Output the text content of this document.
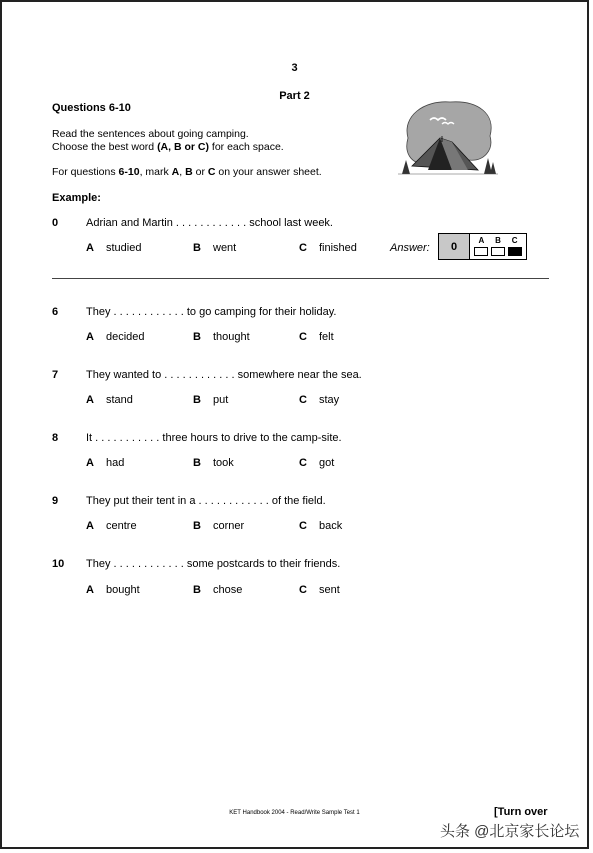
3
Part 2
Questions 6-10
Read the sentences about going camping.
Choose the best word (A, B or C) for each space.
For questions 6-10, mark A, B or C on your answer sheet.
Example:
0	Adrian and Martin . . . . . . . . . . . . school last week.
A studied	B went	C finished	Answer:	0	A B C
6	They . . . . . . . . . . . . to go camping for their holiday.
A decided	B thought	C felt
7	They wanted to . . . . . . . . . . . . somewhere near the sea.
A stand	B put	C stay
8	It . . . . . . . . . . . three hours to drive to the camp-site.
A had	B took	C got
9	They put their tent in a . . . . . . . . . . . . of the field.
A centre	B corner	C back
10 They . . . . . . . . . . . . some postcards to their friends.
A bought	B chose	C sent
KET Handbook 2004 - Read/Write Sample Test 1	[Turn over
头条 @北京家长论坛
